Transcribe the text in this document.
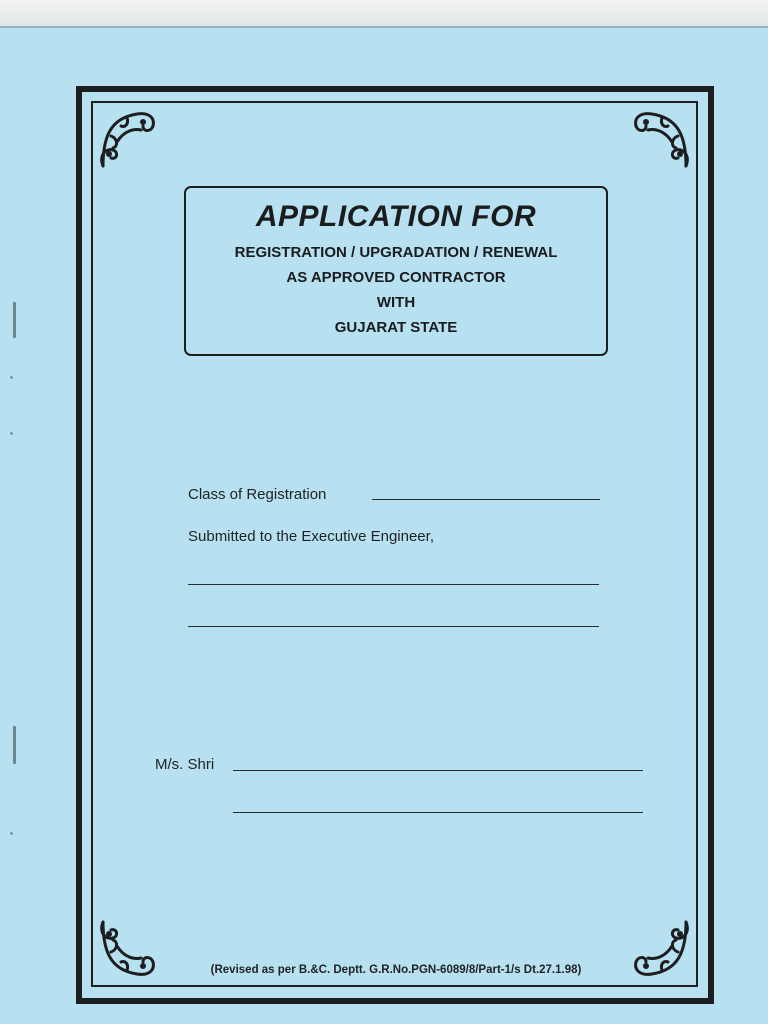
APPLICATION FOR
REGISTRATION / UPGRADATION / RENEWAL
AS APPROVED CONTRACTOR
WITH
GUJARAT STATE
Class of Registration
Submitted to the Executive Engineer,
M/s. Shri
(Revised as per B.&C. Deptt. G.R.No.PGN-6089/8/Part-1/s Dt.27.1.98)
